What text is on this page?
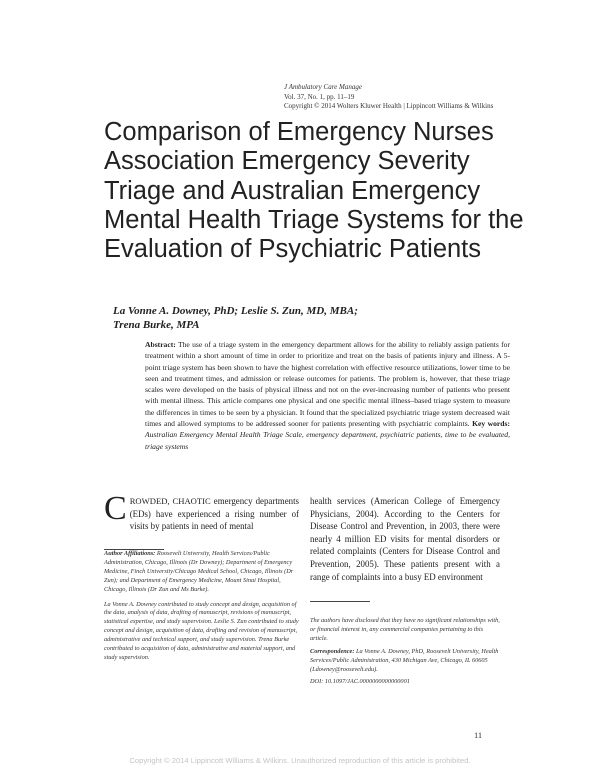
J Ambulatory Care Manage
Vol. 37, No. 1, pp. 11–19
Copyright © 2014 Wolters Kluwer Health | Lippincott Williams & Wilkins
Comparison of Emergency Nurses Association Emergency Severity Triage and Australian Emergency Mental Health Triage Systems for the Evaluation of Psychiatric Patients
La Vonne A. Downey, PhD; Leslie S. Zun, MD, MBA;
Trena Burke, MPA
Abstract: The use of a triage system in the emergency department allows for the ability to reliably assign patients for treatment within a short amount of time in order to prioritize and treat on the basis of patients injury and illness. A 5-point triage system has been shown to have the highest correlation with effective resource utilizations, lower time to be seen and treatment times, and admission or release outcomes for patients. The problem is, however, that these triage scales were developed on the basis of physical illness and not on the ever-increasing number of patients who present with mental illness. This article compares one physical and one specific mental illness–based triage system to measure the differences in times to be seen by a physician. It found that the specialized psychiatric triage system decreased wait times and allowed symptoms to be addressed sooner for patients presenting with psychiatric complaints. Key words: Australian Emergency Mental Health Triage Scale, emergency department, psychiatric patients, time to be evaluated, triage systems
CROWDED, CHAOTIC emergency departments (EDs) have experienced a rising number of visits by patients in need of mental
health services (American College of Emergency Physicians, 2004). According to the Centers for Disease Control and Prevention, in 2003, there were nearly 4 million ED visits for mental disorders or related complaints (Centers for Disease Control and Prevention, 2005). These patients present with a range of complaints into a busy ED environment

Author Affiliations: Roosevelt University, Health Services/Public Administration, Chicago, Illinois (Dr Downey); Department of Emergency Medicine, Finch University/Chicago Medical School, Chicago, Illinois (Dr Zun); and Department of Emergency Medicine, Mount Sinai Hospital, Chicago, Illinois (Dr Zun and Ms Burke).

La Vonne A. Downey contributed to study concept and design, acquisition of the data, analysis of data, drafting of manuscript, revisions of manuscript, statistical expertise, and study supervision. Leslie S. Zun contributed to study concept and design, acquisition of data, drafting and revision of manuscript, administrative and technical support, and study supervision. Trena Burke contributed to acquisition of data, administrative and material support, and study supervision.

The authors have disclosed that they have no significant relationships with, or financial interest in, any commercial companies pertaining to this article.

Correspondence: La Vonne A. Downey, PhD, Roosevelt University, Health Services/Public Administration, 430 Michigan Ave, Chicago, IL 60605 (Ldowney@roosevelt.edu).

DOI: 10.1097/JAC.0000000000000001

11
Copyright © 2014 Lippincott Williams & Wilkins. Unauthorized reproduction of this article is prohibited.
